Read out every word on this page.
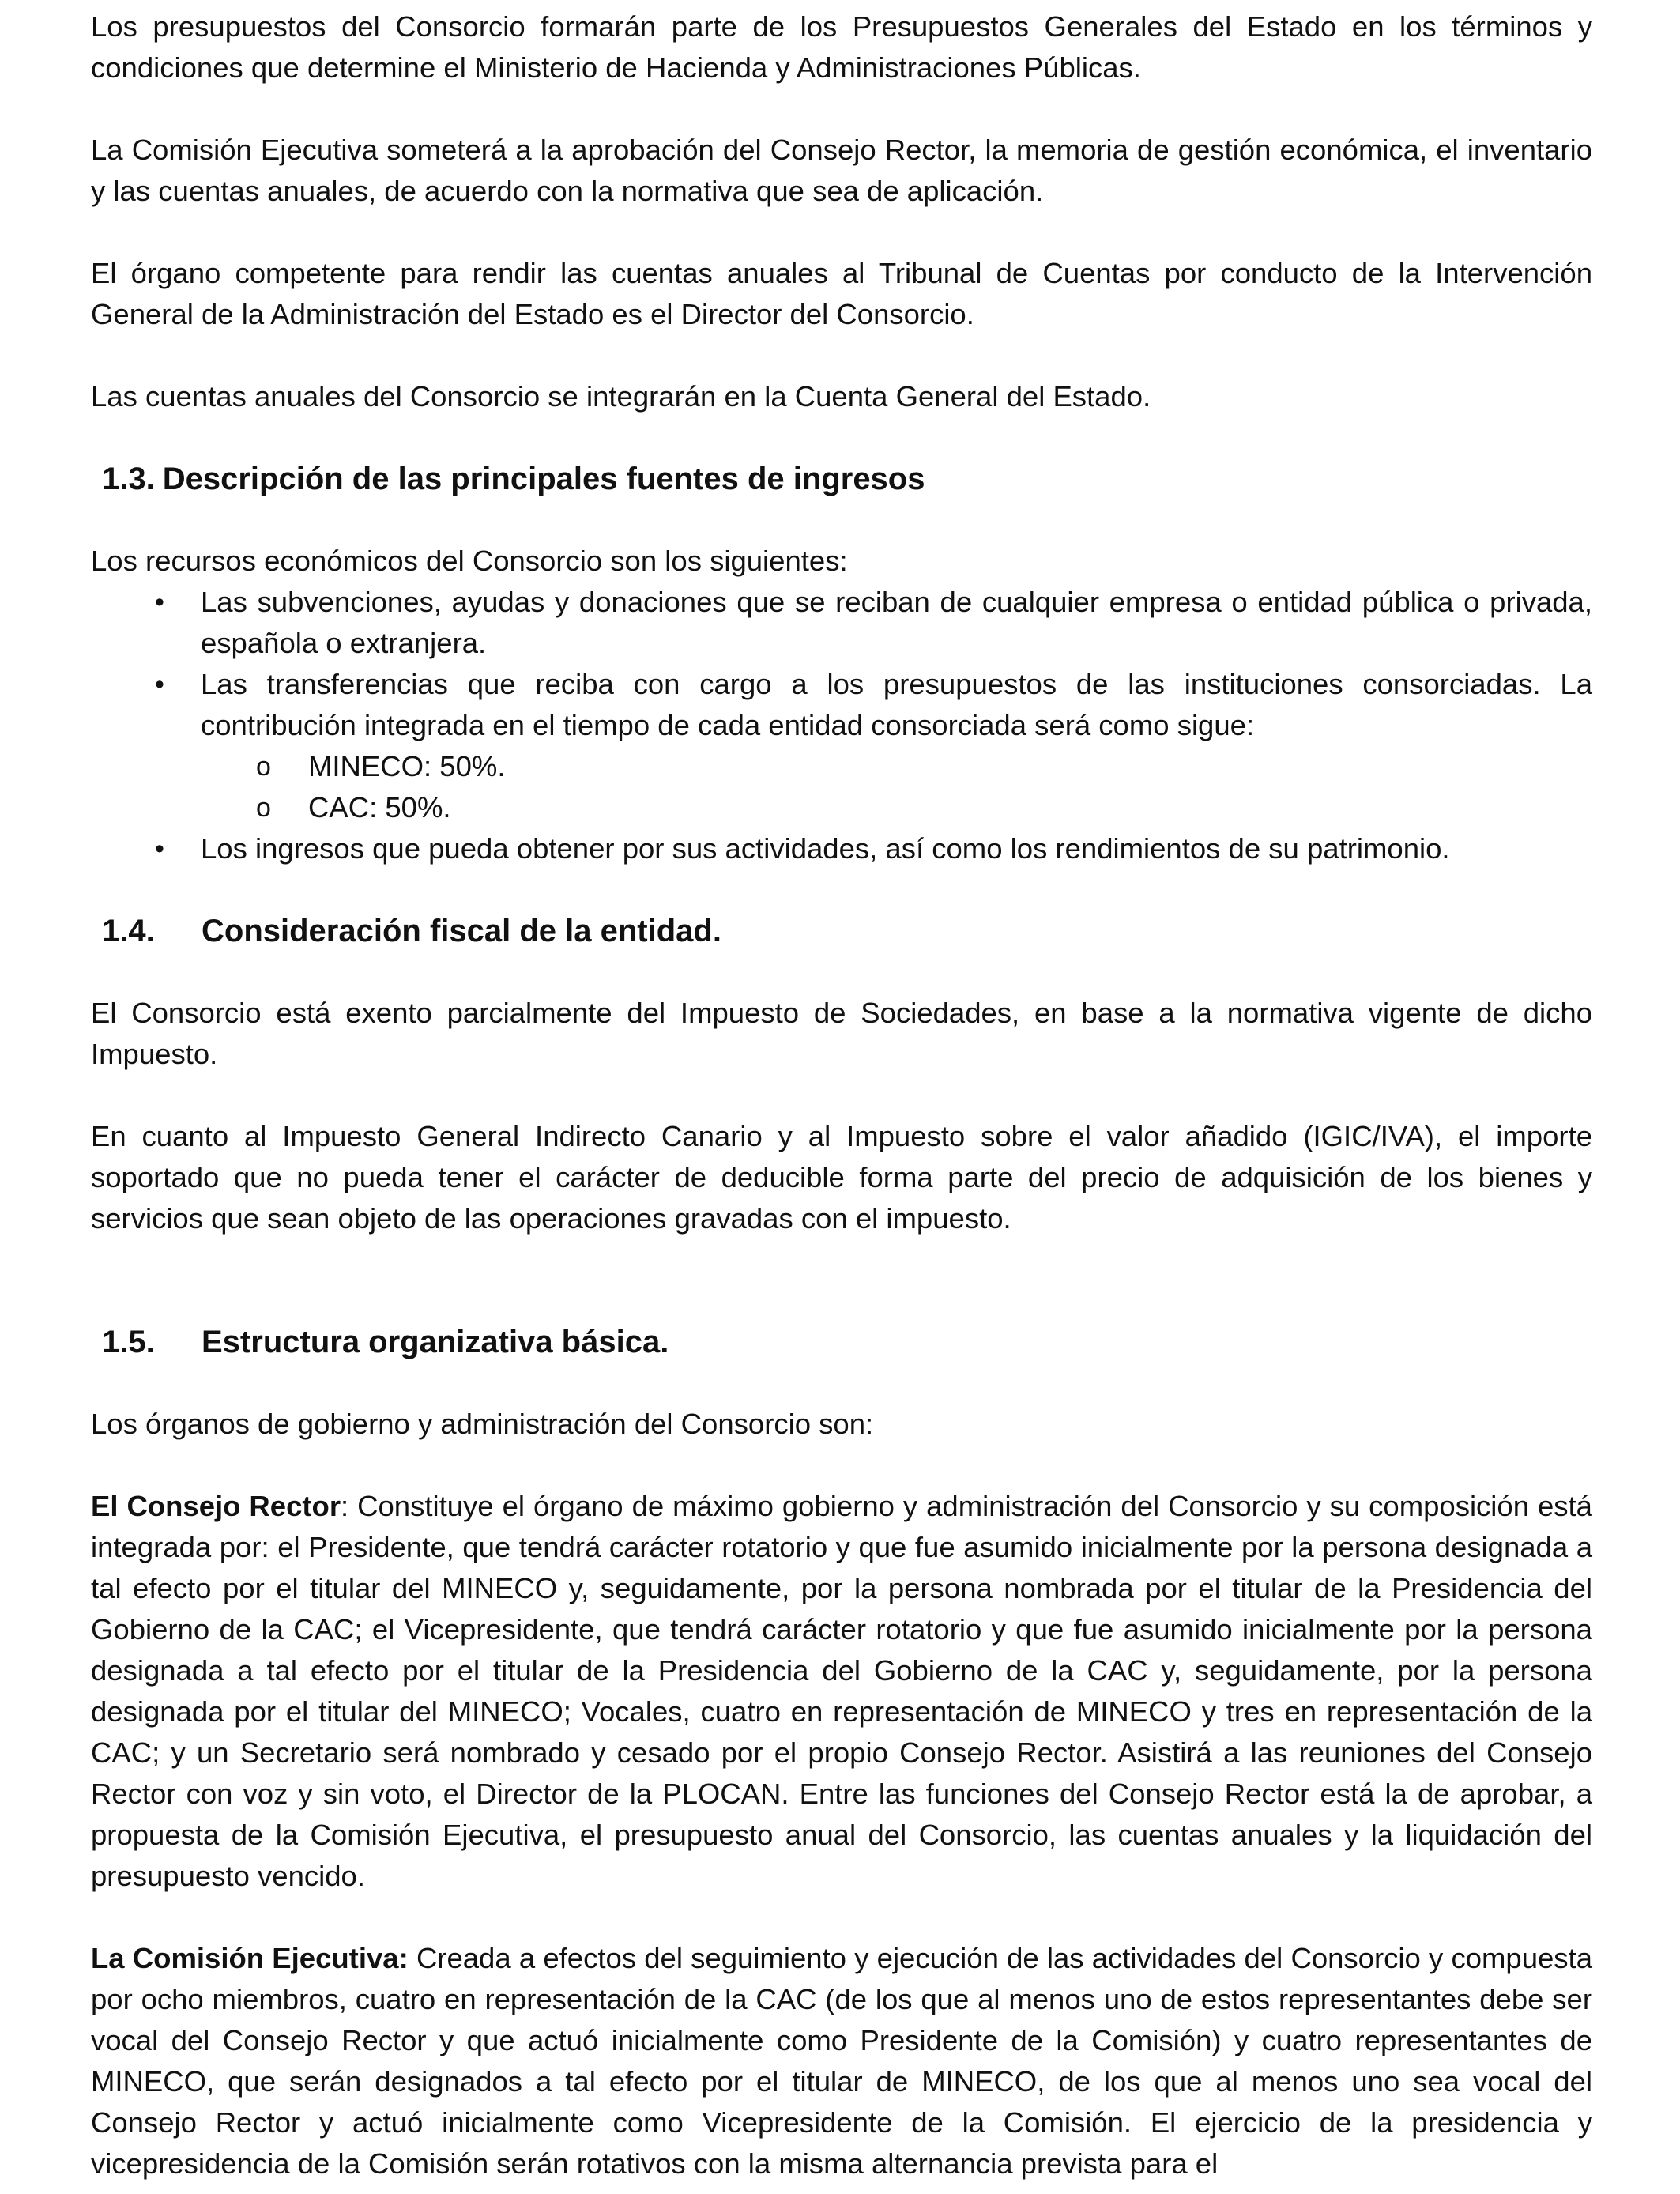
Los presupuestos del Consorcio formarán parte de los Presupuestos Generales del Estado en los términos y condiciones que determine el Ministerio de Hacienda y Administraciones Públicas.

La Comisión Ejecutiva someterá a la aprobación del Consejo Rector, la memoria de gestión económica, el inventario y las cuentas anuales, de acuerdo con la normativa que sea de aplicación.

El órgano competente para rendir las cuentas anuales al Tribunal de Cuentas por conducto de la Intervención General de la Administración del Estado es el Director del Consorcio.

Las cuentas anuales del Consorcio se integrarán en la Cuenta General del Estado.

1.3. Descripción de las principales fuentes de ingresos

Los recursos económicos del Consorcio son los siguientes:

• Las subvenciones, ayudas y donaciones que se reciban de cualquier empresa o entidad pública o privada, española o extranjera.
• Las transferencias que reciba con cargo a los presupuestos de las instituciones consorciadas. La contribución integrada en el tiempo de cada entidad consorciada será como sigue:
o MINECO: 50%.
o CAC: 50%.
• Los ingresos que pueda obtener por sus actividades, así como los rendimientos de su patrimonio.
1.4. Consideración fiscal de la entidad.

El Consorcio está exento parcialmente del Impuesto de Sociedades, en base a la normativa vigente de dicho Impuesto.

En cuanto al Impuesto General Indirecto Canario y al Impuesto sobre el valor añadido (IGIC/IVA), el importe soportado que no pueda tener el carácter de deducible forma parte del precio de adquisición de los bienes y servicios que sean objeto de las operaciones gravadas con el impuesto.

1.5. Estructura organizativa básica.

Los órganos de gobierno y administración del Consorcio son:

El Consejo Rector: Constituye el órgano de máximo gobierno y administración del Consorcio y su composición está integrada por: el Presidente, que tendrá carácter rotatorio y que fue asumido inicialmente por la persona designada a tal efecto por el titular del MINECO y, seguidamente, por la persona nombrada por el titular de la Presidencia del Gobierno de la CAC; el Vicepresidente, que tendrá carácter rotatorio y que fue asumido inicialmente por la persona designada a tal efecto por el titular de la Presidencia del Gobierno de la CAC y, seguidamente, por la persona designada por el titular del MINECO; Vocales, cuatro en representación de MINECO y tres en representación de la CAC; y un Secretario será nombrado y cesado por el propio Consejo Rector. Asistirá a las reuniones del Consejo Rector con voz y sin voto, el Director de la PLOCAN. Entre las funciones del Consejo Rector está la de aprobar, a propuesta de la Comisión Ejecutiva, el presupuesto anual del Consorcio, las cuentas anuales y la liquidación del presupuesto vencido.

La Comisión Ejecutiva: Creada a efectos del seguimiento y ejecución de las actividades del Consorcio y compuesta por ocho miembros, cuatro en representación de la CAC (de los que al menos uno de estos representantes debe ser vocal del Consejo Rector y que actuó inicialmente como Presidente de la Comisión) y cuatro representantes de MINECO, que serán designados a tal efecto por el titular de MINECO, de los que al menos uno sea vocal del Consejo Rector y actuó inicialmente como Vicepresidente de la Comisión. El ejercicio de la presidencia y vicepresidencia de la Comisión serán rotativos con la misma alternancia prevista para el
